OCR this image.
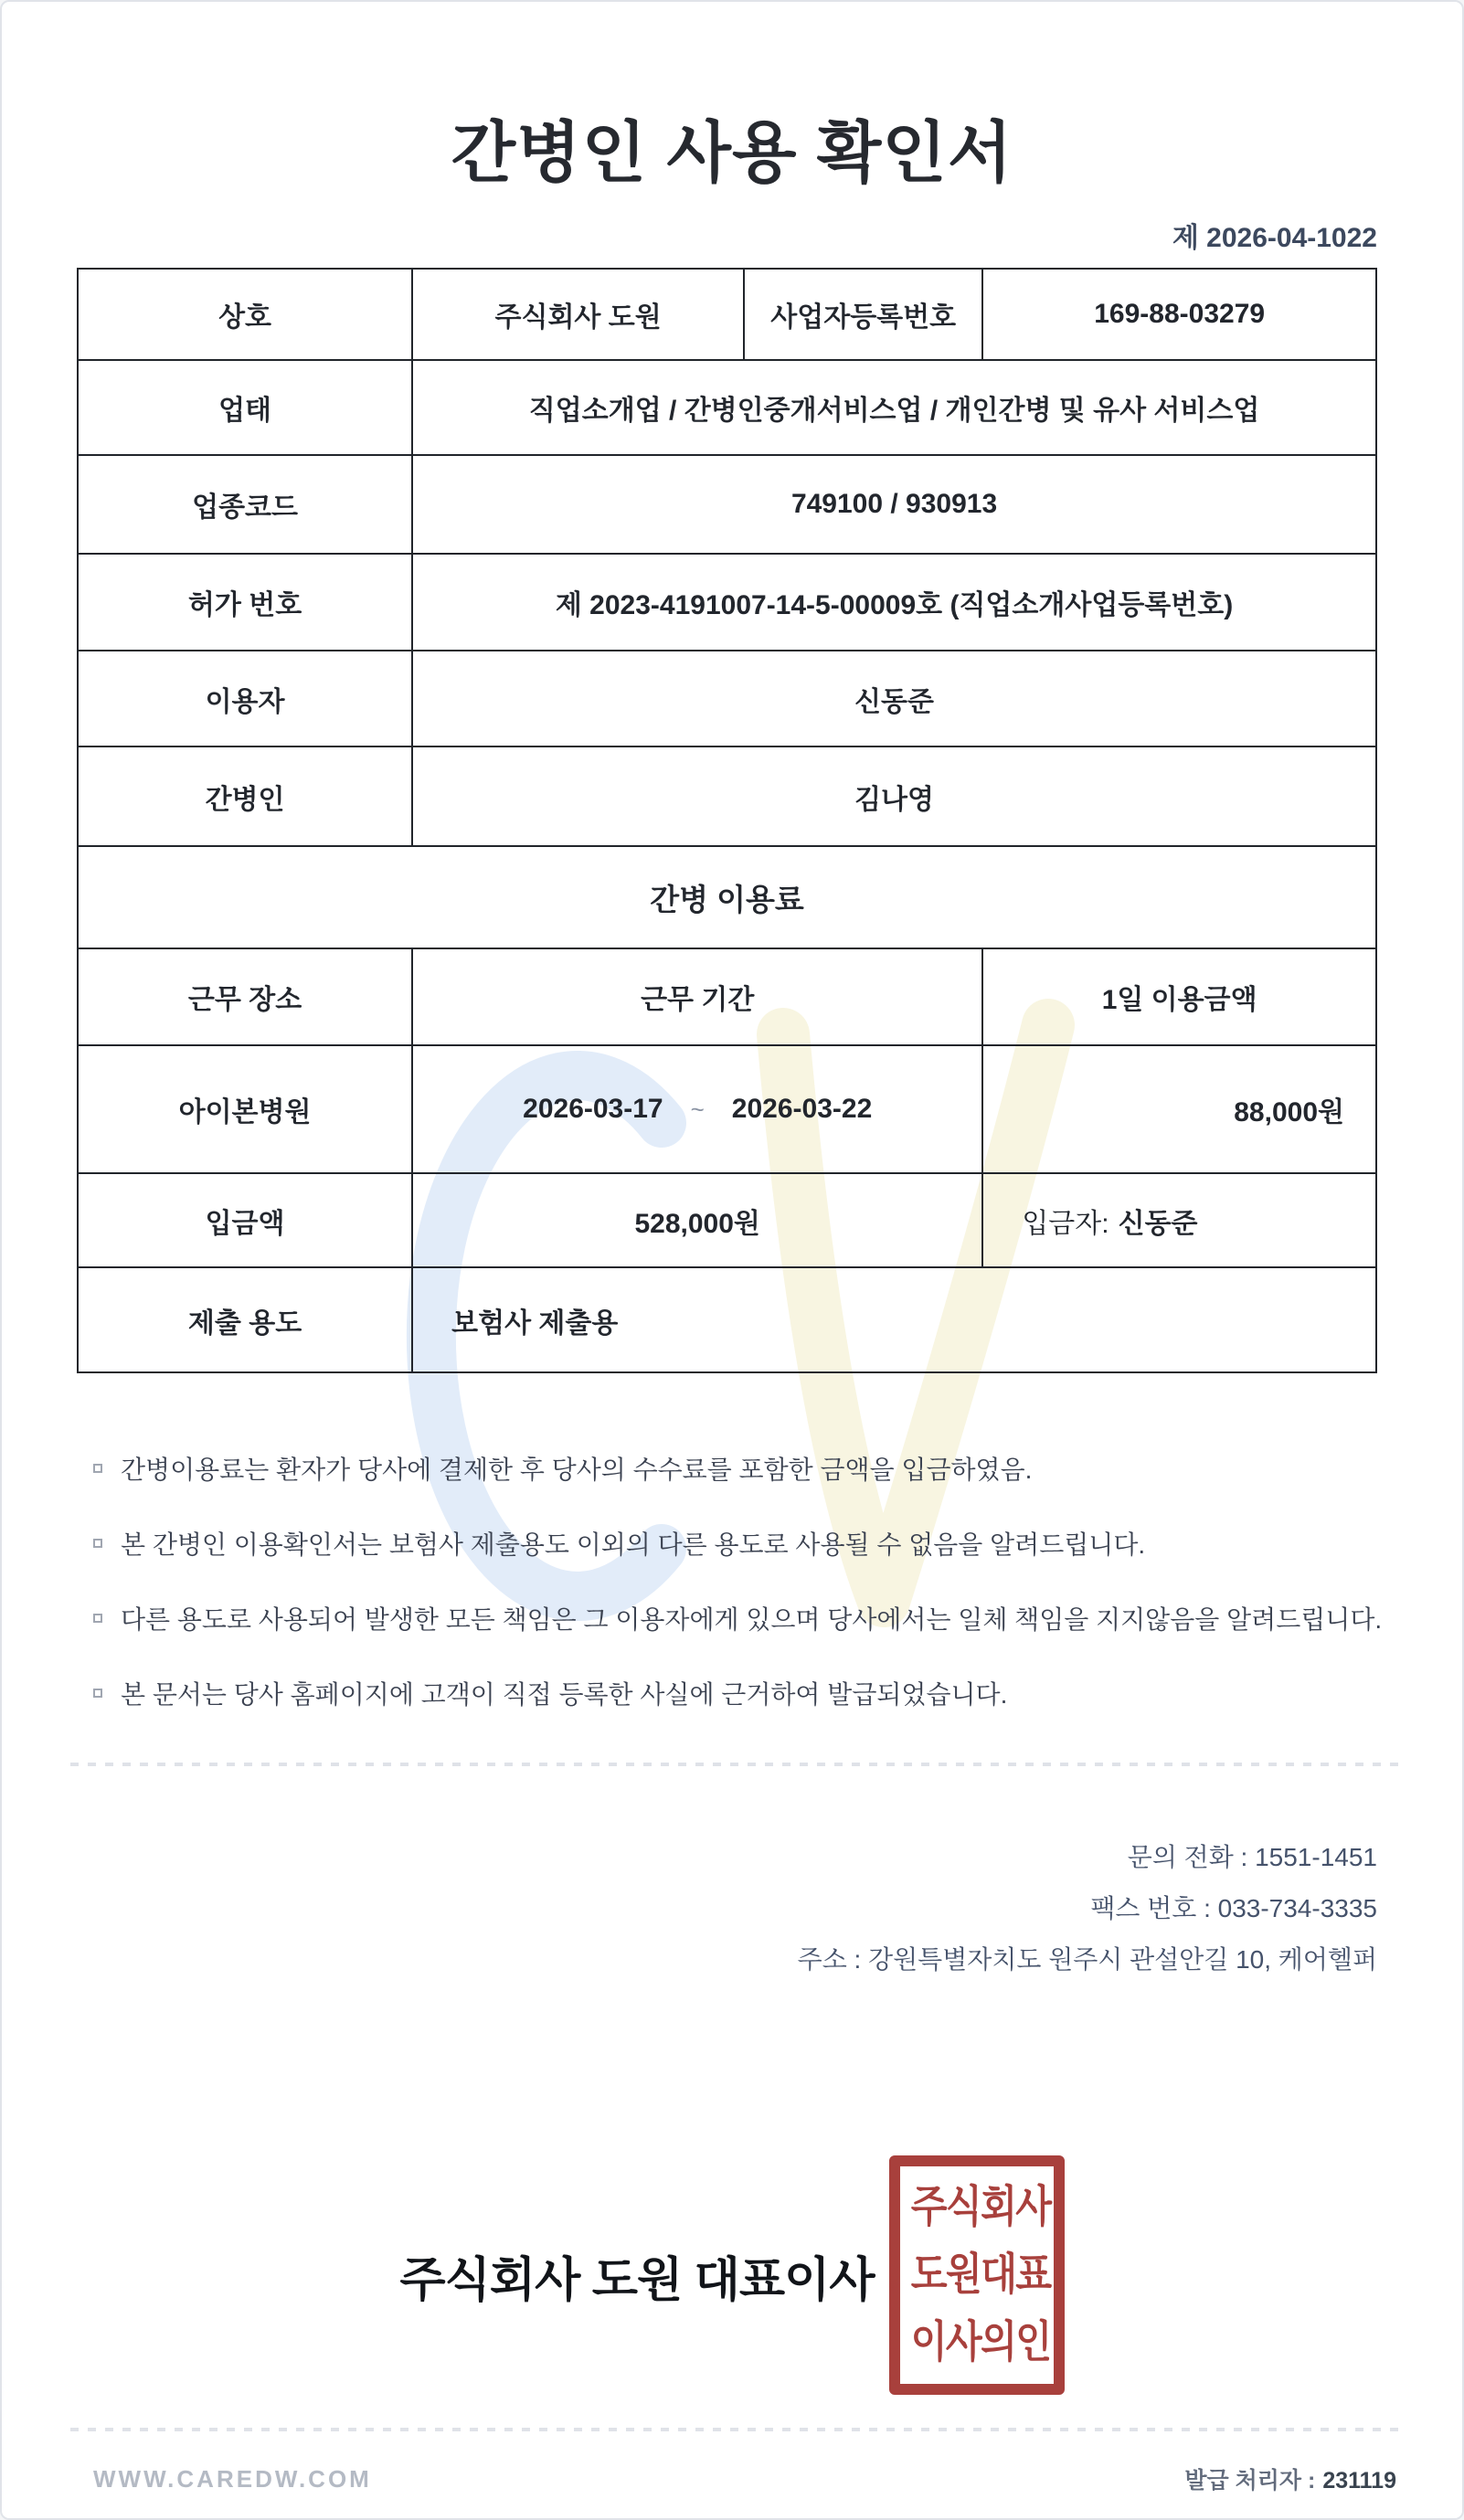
간병인 사용 확인서
제 2026-04-1022
상호	주식회사 도원	사업자등록번호	169-88-03279
업태	직업소개업 / 간병인중개서비스업 / 개인간병 및 유사 서비스업
업종코드	749100 / 930913
허가 번호	제 2023-4191007-14-5-00009호 (직업소개사업등록번호)
이용자	신동준
간병인	김나영
간병 이용료
근무 장소	근무 기간	1일 이용금액
아이본병원	2026-03-17 ~ 2026-03-22	88,000원
입금액	528,000원	입금자: 신동준
제출 용도	보험사 제출용
간병이용료는 환자가 당사에 결제한 후 당사의 수수료를 포함한 금액을 입금하였음.
본 간병인 이용확인서는 보험사 제출용도 이외의 다른 용도로 사용될 수 없음을 알려드립니다.
다른 용도로 사용되어 발생한 모든 책임은 그 이용자에게 있으며 당사에서는 일체 책임을 지지않음을 알려드립니다.
본 문서는 당사 홈페이지에 고객이 직접 등록한 사실에 근거하여 발급되었습니다.
문의 전화 : 1551-1451
팩스 번호 : 033-734-3335
주소 : 강원특별자치도 원주시 관설안길 10, 케어헬퍼
주식회사 도원 대표이사
주식회사
도원대표
이사의인
WWW.CAREDW.COM	발급 처리자 : 231119
